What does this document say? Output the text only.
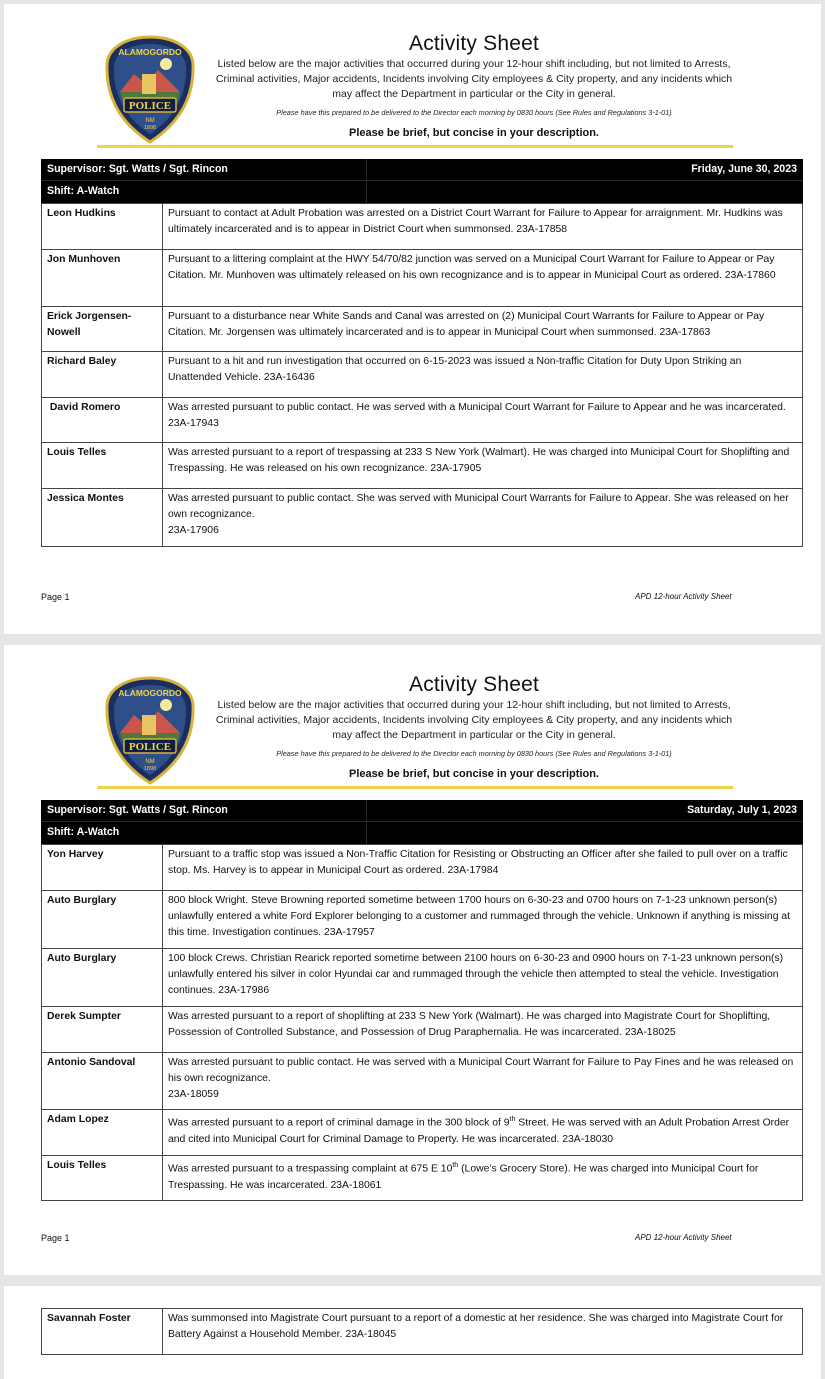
POLICE
ALAMOGORDO
NM
1898
Activity Sheet
Listed below are the major activities that occurred during your 12-hour shift including, but not limited to Arrests, Criminal activities, Major accidents, Incidents involving City employees & City property, and any incidents which may affect the Department in particular or the City in general.
Please have this prepared to be delivered to the Director each morning by 0830 hours (See Rules and Regulations 3-1-01)
Please be brief, but concise in your description.
Supervisor: Sgt. Watts / Sgt. Rincon	Friday, June 30, 2023
Shift: A-Watch
Leon Hudkins	Pursuant to contact at Adult Probation was arrested on a District Court Warrant for Failure to Appear for arraignment. Mr. Hudkins was ultimately incarcerated and is to appear in District Court when summonsed. 23A-17858
Jon Munhoven	Pursuant to a littering complaint at the HWY 54/70/82 junction was served on a Municipal Court Warrant for Failure to Appear or Pay Citation. Mr. Munhoven was ultimately released on his own recognizance and is to appear in Municipal Court as ordered. 23A-17860
Erick Jorgensen-Nowell	Pursuant to a disturbance near White Sands and Canal was arrested on (2) Municipal Court Warrants for Failure to Appear or Pay Citation. Mr. Jorgensen was ultimately incarcerated and is to appear in Municipal Court when summonsed. 23A-17863
Richard Baley	Pursuant to a hit and run investigation that occurred on 6-15-2023 was issued a Non-traffic Citation for Duty Upon Striking an Unattended Vehicle. 23A-16436
David Romero	Was arrested pursuant to public contact. He was served with a Municipal Court Warrant for Failure to Appear and he was incarcerated. 23A-17943
Louis Telles	Was arrested pursuant to a report of trespassing at 233 S New York (Walmart). He was charged into Municipal Court for Shoplifting and Trespassing. He was released on his own recognizance. 23A-17905
Jessica Montes	Was arrested pursuant to public contact. She was served with Municipal Court Warrants for Failure to Appear. She was released on her own recognizance.
23A-17906
Page 1	APD 12-hour Activity Sheet
POLICE
ALAMOGORDO
NM
1898
Activity Sheet
Listed below are the major activities that occurred during your 12-hour shift including, but not limited to Arrests, Criminal activities, Major accidents, Incidents involving City employees & City property, and any incidents which may affect the Department in particular or the City in general.
Please have this prepared to be delivered to the Director each morning by 0830 hours (See Rules and Regulations 3-1-01)
Please be brief, but concise in your description.
Supervisor: Sgt. Watts / Sgt. Rincon	Saturday, July 1, 2023
Shift: A-Watch
Yon Harvey	Pursuant to a traffic stop was issued a Non-Traffic Citation for Resisting or Obstructing an Officer after she failed to pull over on a traffic stop. Ms. Harvey is to appear in Municipal Court as ordered. 23A-17984
Auto Burglary	800 block Wright. Steve Browning reported sometime between 1700 hours on 6-30-23 and 0700 hours on 7-1-23 unknown person(s) unlawfully entered a white Ford Explorer belonging to a customer and rummaged through the vehicle. Unknown if anything is missing at this time. Investigation continues. 23A-17957
Auto Burglary	100 block Crews. Christian Rearick reported sometime between 2100 hours on 6-30-23 and 0900 hours on 7-1-23 unknown person(s) unlawfully entered his silver in color Hyundai car and rummaged through the vehicle then attempted to steal the vehicle. Investigation continues. 23A-17986
Derek Sumpter	Was arrested pursuant to a report of shoplifting at 233 S New York (Walmart). He was charged into Magistrate Court for Shoplifting, Possession of Controlled Substance, and Possession of Drug Paraphernalia. He was incarcerated. 23A-18025
Antonio Sandoval	Was arrested pursuant to public contact. He was served with a Municipal Court Warrant for Failure to Pay Fines and he was released on his own recognizance.
23A-18059

Adam Lopez	Was arrested pursuant to a report of criminal damage in the 300 block of 9th Street. He was served with an Adult Probation Arrest Order and cited into Municipal Court for Criminal Damage to Property. He was incarcerated. 23A-18030
Louis Telles	Was arrested pursuant to a trespassing complaint at 675 E 10th (Lowe’s Grocery Store). He was charged into Municipal Court for Trespassing. He was incarcerated. 23A-18061
Page 1	APD 12-hour Activity Sheet
Savannah Foster	Was summonsed into Magistrate Court pursuant to a report of a domestic at her residence. She was charged into Magistrate Court for Battery Against a Household Member. 23A-18045
